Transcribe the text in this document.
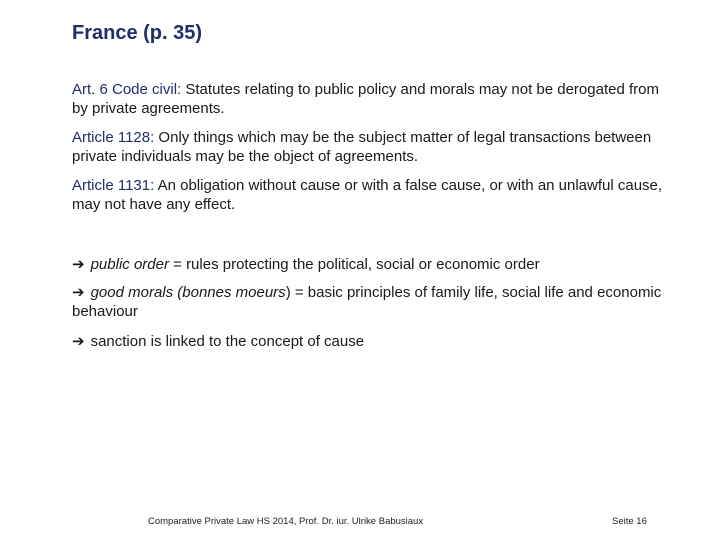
France (p. 35)
Art. 6 Code civil: Statutes relating to public policy and morals may not be derogated from by private agreements.
Article 1128: Only things which may be the subject matter of legal transactions between private individuals may be the object of agreements.
Article 1131: An obligation without cause or with a false cause, or with an unlawful cause, may not have any effect.
➔ public order = rules protecting the political, social or economic order
➔ good morals (bonnes moeurs) = basic principles of family life, social life and economic behaviour
➔ sanction is linked to the concept of cause
Comparative Private Law HS 2014, Prof. Dr. iur. Ulrike Babusiaux	Seite 16
